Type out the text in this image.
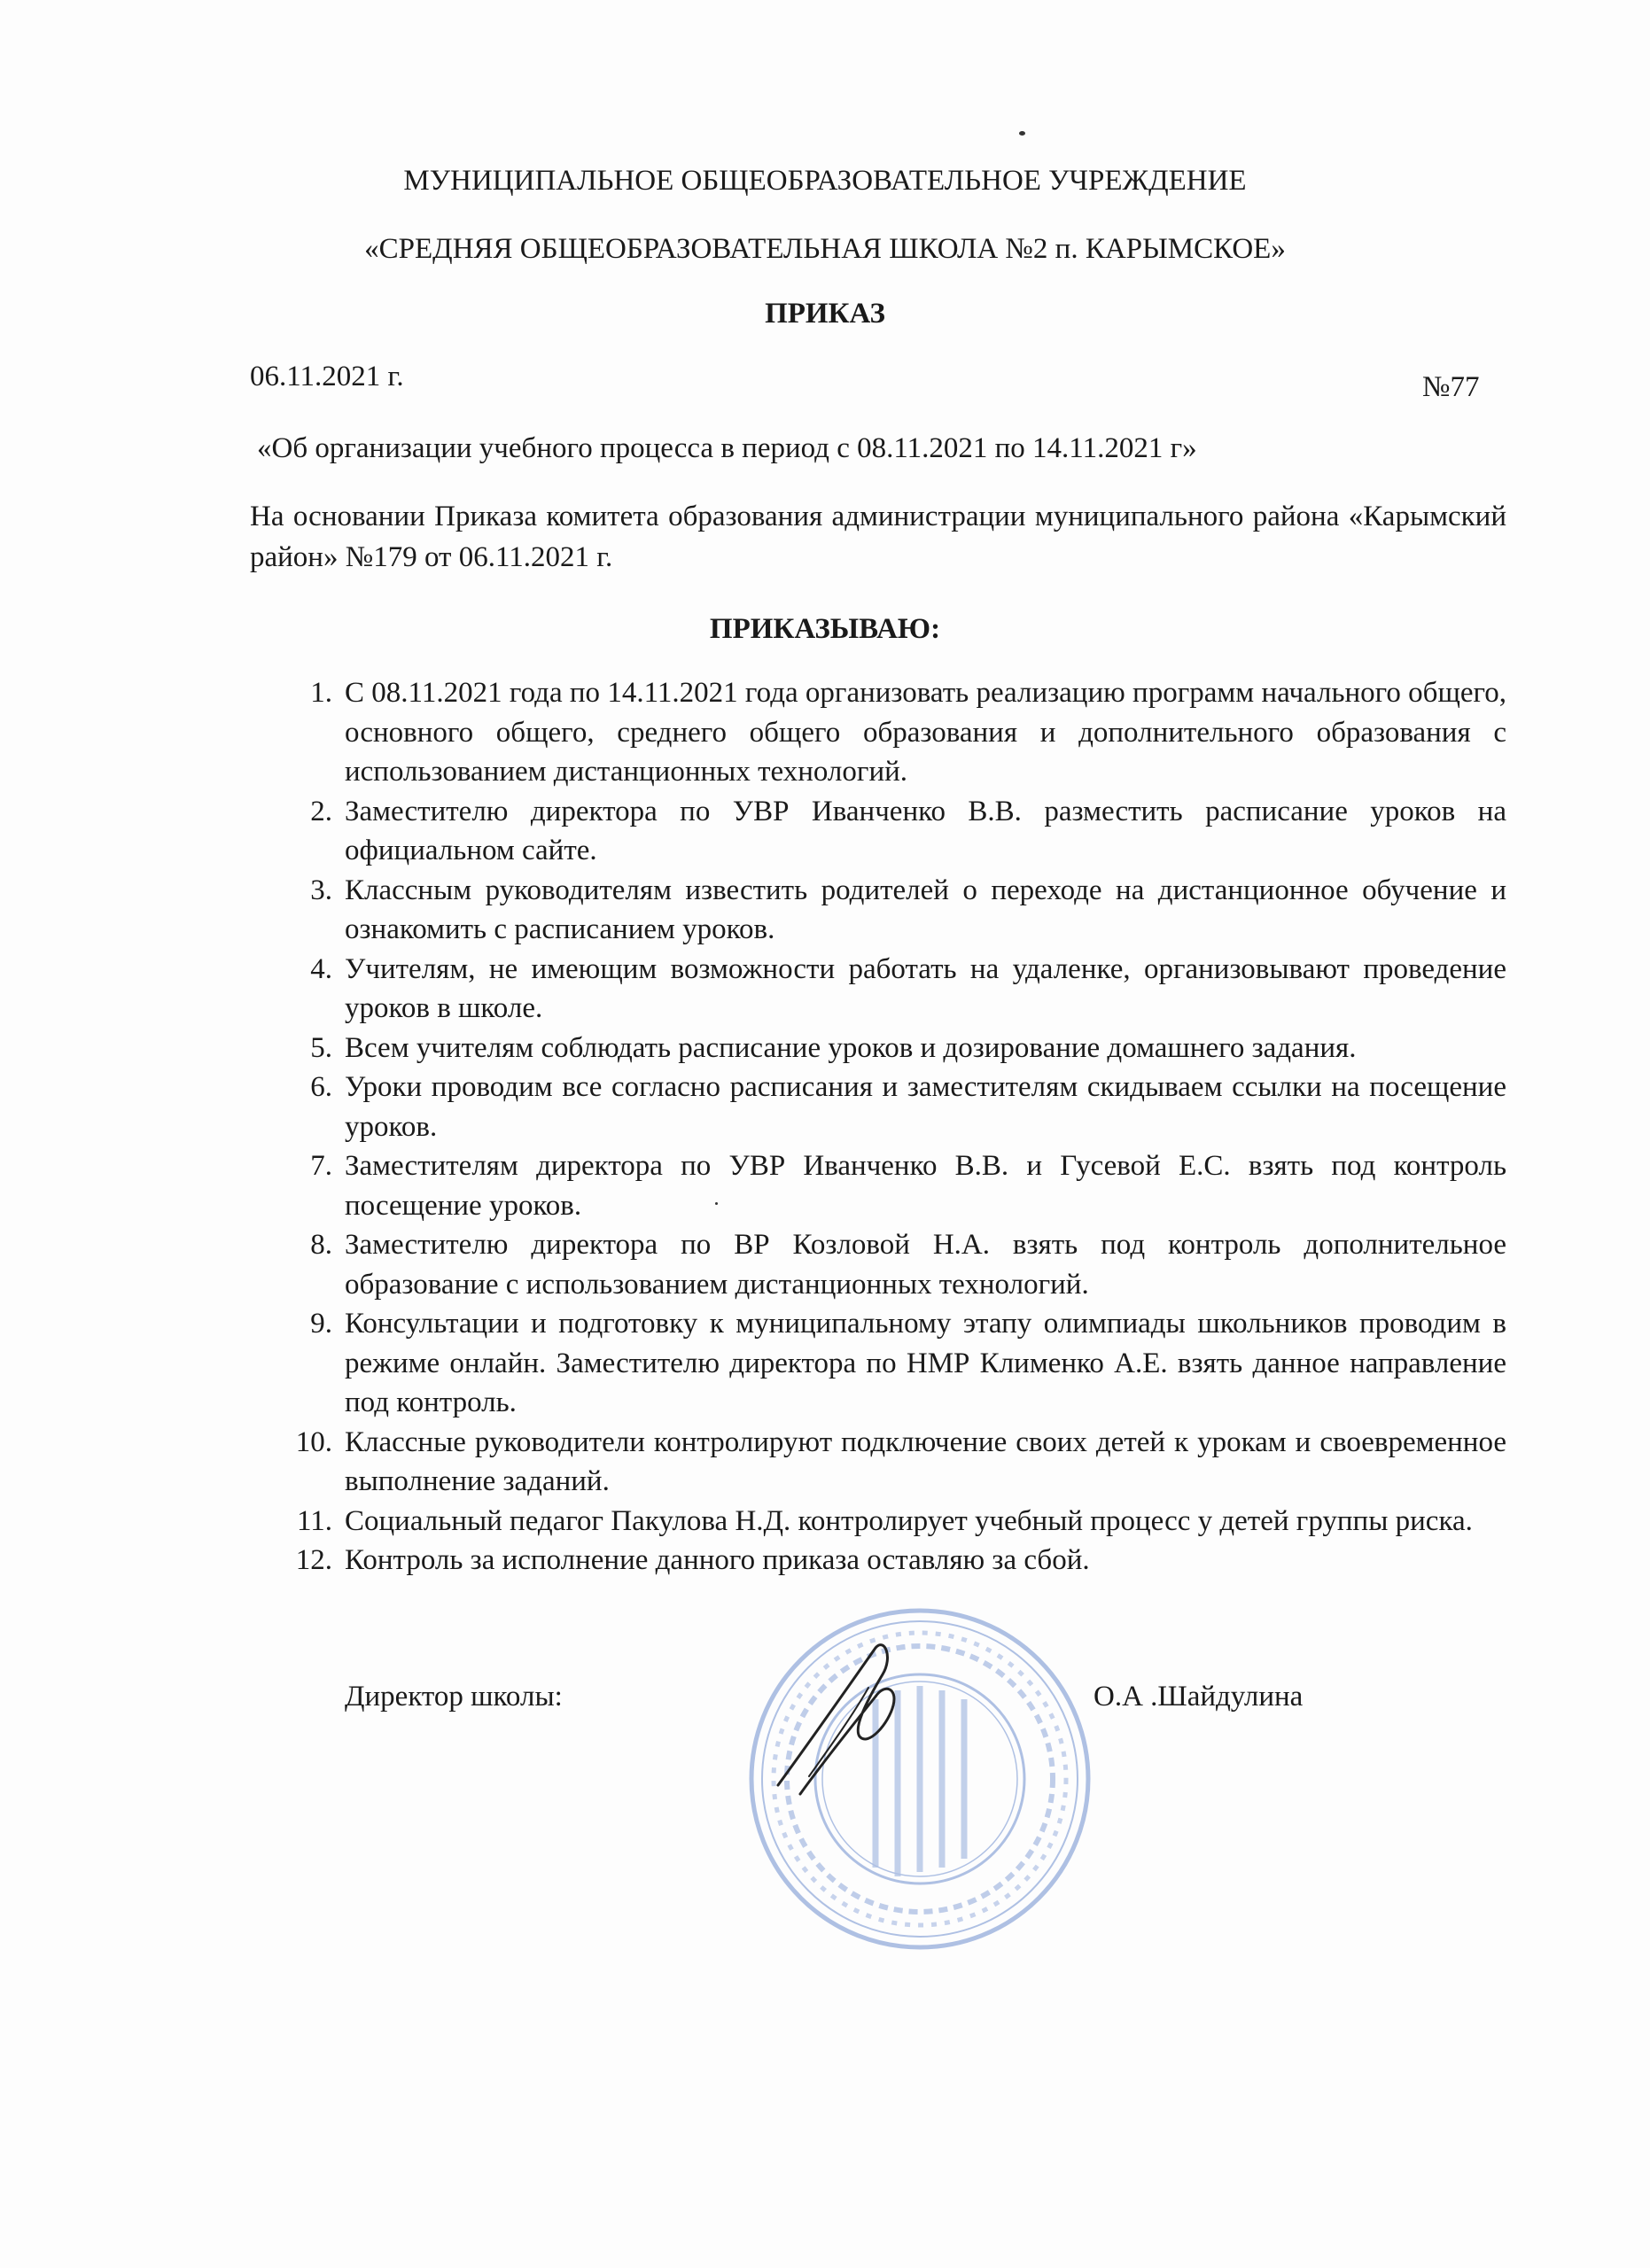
МУНИЦИПАЛЬНОЕ ОБЩЕОБРАЗОВАТЕЛЬНОЕ УЧРЕЖДЕНИЕ
«СРЕДНЯЯ ОБЩЕОБРАЗОВАТЕЛЬНАЯ ШКОЛА №2 п. КАРЫМСКОЕ»
ПРИКАЗ
06.11.2021 г.	№77
«Об организации учебного процесса в период с 08.11.2021 по 14.11.2021 г»
На основании Приказа комитета образования администрации муниципального района «Карымский район» №179 от 06.11.2021 г.
ПРИКАЗЫВАЮ:
1. С 08.11.2021 года по 14.11.2021 года организовать реализацию программ начального общего, основного общего, среднего общего образования и дополнительного образования с использованием дистанционных технологий.
2. Заместителю директора по УВР Иванченко В.В. разместить расписание уроков на официальном сайте.
3. Классным руководителям известить родителей о переходе на дистанционное обучение и ознакомить с расписанием уроков.
4. Учителям, не имеющим возможности работать на удаленке, организовывают проведение уроков в школе.
5. Всем учителям соблюдать расписание уроков и дозирование домашнего задания.
6. Уроки проводим все согласно расписания и заместителям скидываем ссылки на посещение уроков.
7. Заместителям директора по УВР Иванченко В.В. и Гусевой Е.С. взять под контроль посещение уроков.
8. Заместителю директора по ВР Козловой Н.А. взять под контроль дополнительное образование с использованием дистанционных технологий.
9. Консультации и подготовку к муниципальному этапу олимпиады школьников проводим в режиме онлайн. Заместителю директора по НМР Клименко А.Е. взять данное направление под контроль.
10. Классные руководители контролируют подключение своих детей к урокам и своевременное выполнение заданий.
11. Социальный педагог Пакулова Н.Д. контролирует учебный процесс у детей группы риска.
12. Контроль за исполнение данного приказа оставляю за сбой.
Директор школы:	О.А .Шайдулина
